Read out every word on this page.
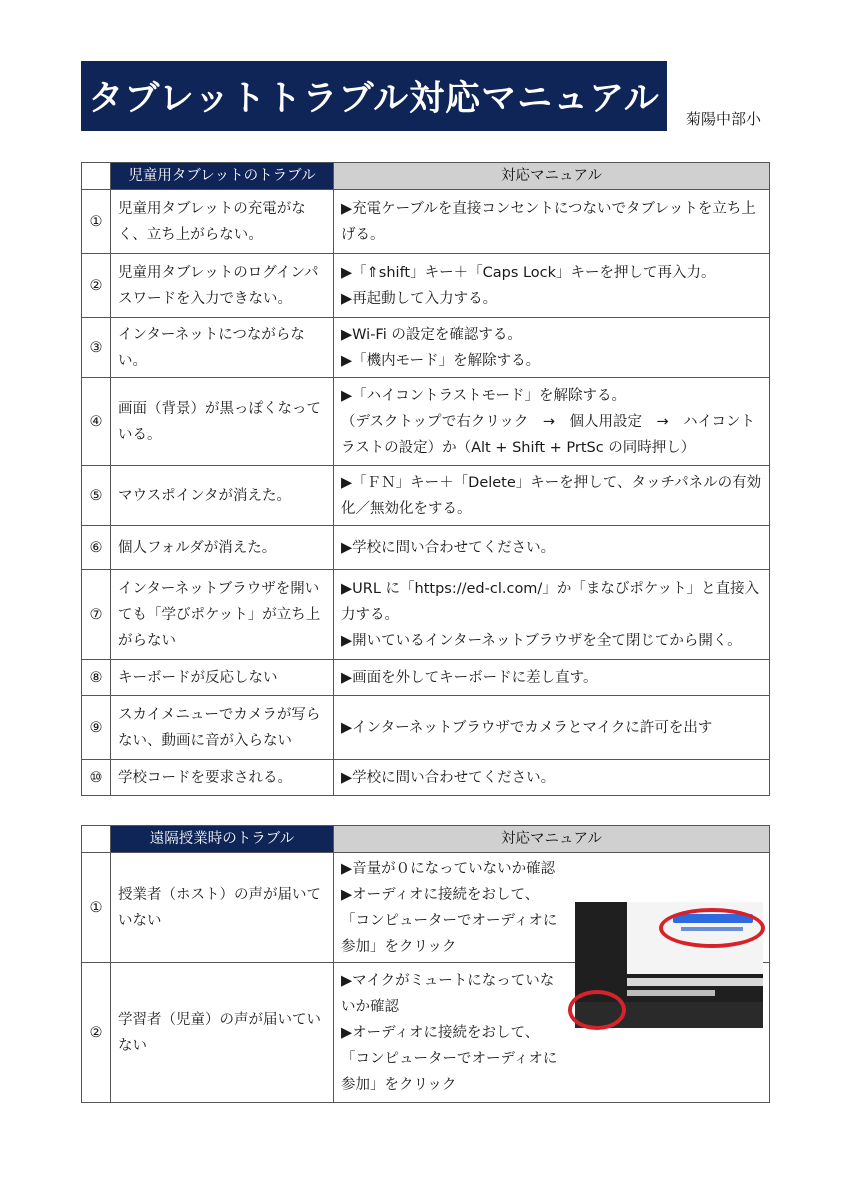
タブレットトラブル対応マニュアル	菊陽中部小
	児童用タブレットのトラブル	対応マニュアル
①	児童用タブレットの充電がなく、立ち上がらない。	▶充電ケーブルを直接コンセントにつないでタブレットを立ち上げる。

②	児童用タブレットのログインパスワードを入力できない。	▶「⇑shift」キー＋「Caps Lock」キーを押して再入力。
▶再起動して入力する。

③	インターネットにつながらない。	▶Wi-Fi の設定を確認する。
▶「機内モード」を解除する。

④	画面（背景）が黒っぽくなっている。	▶「ハイコントラストモード」を解除する。
（デスクトップで右クリック　→　個人用設定　→　ハイコントラストの設定）か（Alt + Shift + PrtSc の同時押し）

⑤	マウスポインタが消えた。	▶「ＦＮ」キー＋「Delete」キーを押して、タッチパネルの有効化／無効化をする。

⑥	個人フォルダが消えた。	▶学校に問い合わせてください。

⑦	インターネットブラウザを開いても「学びポケット」が立ち上がらない	▶URL に「https://ed-cl.com/」か「まなびポケット」と直接入力する。
▶開いているインターネットブラウザを全て閉じてから開く。

⑧	キーボードが反応しない	▶画面を外してキーボードに差し直す。

⑨	スカイメニューでカメラが写らない、動画に音が入らない	▶インターネットブラウザでカメラとマイクに許可を出す

⑩	学校コードを要求される。	▶学校に問い合わせてください。
	遠隔授業時のトラブル	対応マニュアル
①	授業者（ホスト）の声が届いていない	▶音量が０になっていないか確認
▶オーディオに接続をおして、
「コンピューターでオーディオに参加」をクリック

②	学習者（児童）の声が届いていない	▶マイクがミュートになっていないか確認
▶オーディオに接続をおして、
「コンピューターでオーディオに参加」をクリック
